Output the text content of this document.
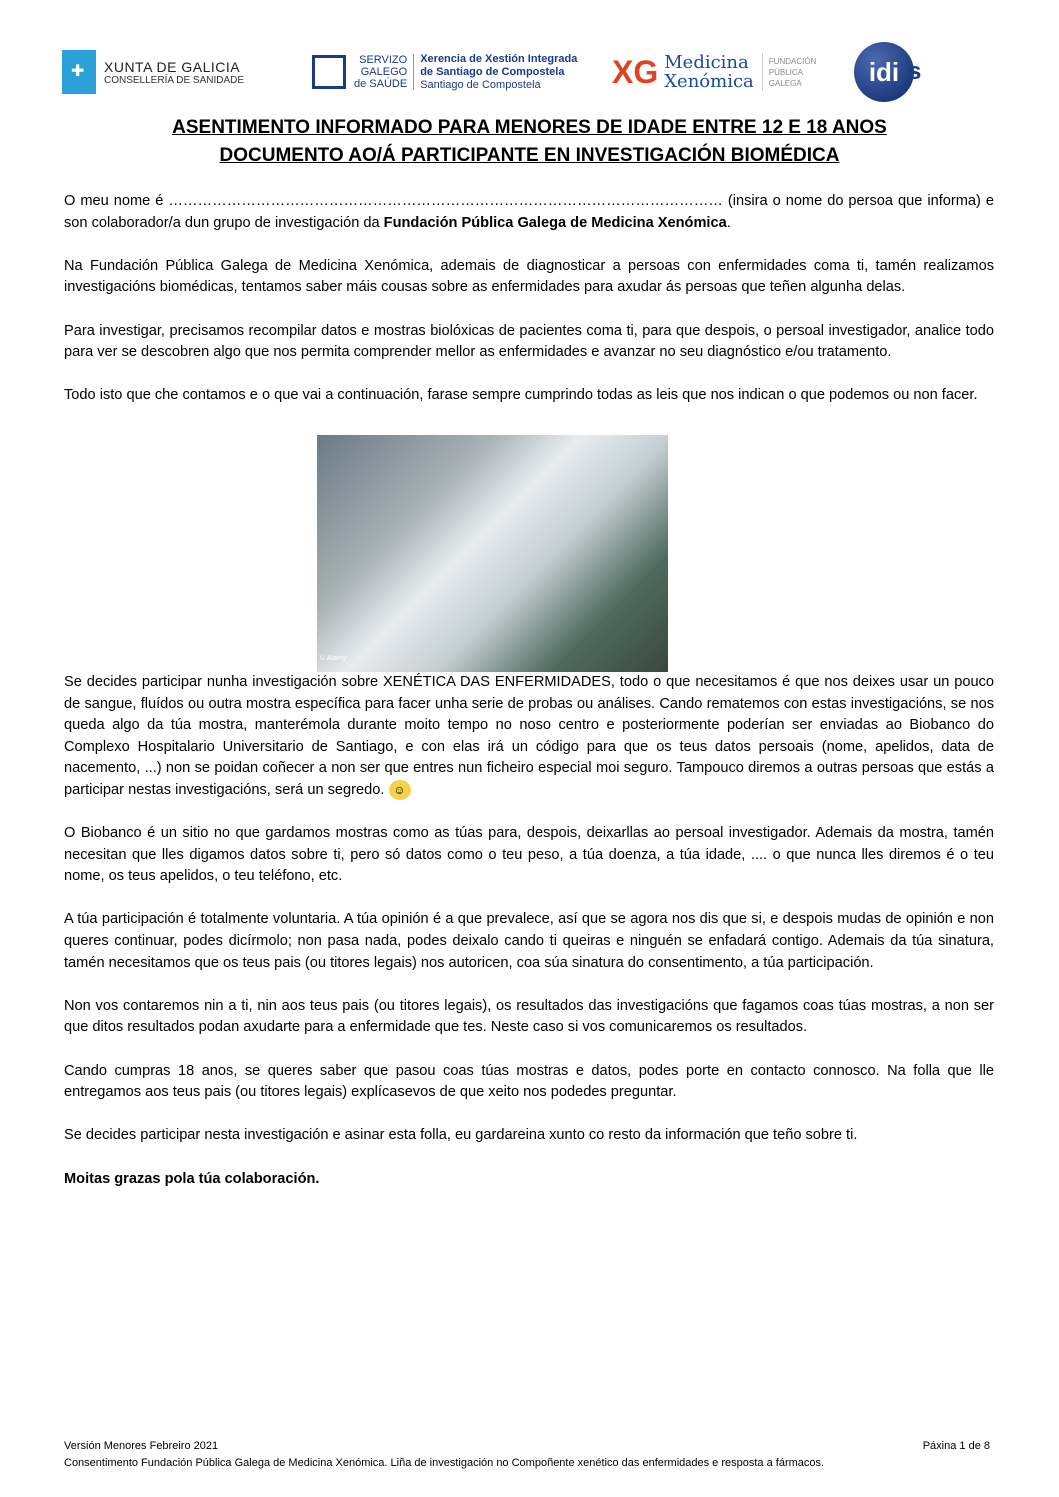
✚
XUNTA DE GALICIA
CONSELLERÍA DE SANIDADE
SERVIZO
GALEGO
de SAÚDE
Xerencia de Xestión Integrada
de Santiago de Compostela
Santiago de Compostela	XG Medicina
Xenómica
FUNDACIÓN
PÚBLICA
GALEGA	idi s
ASENTIMENTO INFORMADO PARA MENORES DE IDADE ENTRE 12 E 18 ANOS
DOCUMENTO AO/Á PARTICIPANTE EN INVESTIGACIÓN BIOMÉDICA

O meu nome é …………………………………………………………………………………………………… (insira o nome do persoa que informa) e son colaborador/a dun grupo de investigación da Fundación Pública Galega de Medicina Xenómica.

Na Fundación Pública Galega de Medicina Xenómica, ademais de diagnosticar a persoas con enfermidades coma ti, tamén realizamos investigacións biomédicas, tentamos saber máis cousas sobre as enfermidades para axudar ás persoas que teñen algunha delas.

Para investigar, precisamos recompilar datos e mostras biolóxicas de pacientes coma ti, para que despois, o persoal investigador, analice todo para ver se descobren algo que nos permita comprender mellor as enfermidades e avanzar no seu diagnóstico e/ou tratamento.

Todo isto que che contamos e o que vai a continuación, farase sempre cumprindo todas as leis que nos indican o que podemos ou non facer.

© Alamy

Se decides participar nunha investigación sobre XENÉTICA DAS ENFERMIDADES, todo o que necesitamos é que nos deixes usar un pouco de sangue, fluídos ou outra mostra específica para facer unha serie de probas ou análises. Cando rematemos con estas investigacións, se nos queda algo da túa mostra, manterémola durante moito tempo no noso centro e posteriormente poderían ser enviadas ao Biobanco do Complexo Hospitalario Universitario de Santiago, e con elas irá un código para que os teus datos persoais (nome, apelidos, data de nacemento, ...) non se poidan coñecer a non ser que entres nun ficheiro especial moi seguro. Tampouco diremos a outras persoas que estás a participar nestas investigacións, será un segredo. ☺

O Biobanco é un sitio no que gardamos mostras como as túas para, despois, deixarllas ao persoal investigador. Ademais da mostra, tamén necesitan que lles digamos datos sobre ti, pero só datos como o teu peso, a túa doenza, a túa idade, .... o que nunca lles diremos é o teu nome, os teus apelidos, o teu teléfono, etc.

A túa participación é totalmente voluntaria. A túa opinión é a que prevalece, así que se agora nos dis que si, e despois mudas de opinión e non queres continuar, podes dicírmolo; non pasa nada, podes deixalo cando ti queiras e ninguén se enfadará contigo. Ademais da túa sinatura, tamén necesitamos que os teus pais (ou titores legais) nos autoricen, coa súa sinatura do consentimento, a túa participación.

Non vos contaremos nin a ti, nin aos teus pais (ou titores legais), os resultados das investigacións que fagamos coas túas mostras, a non ser que ditos resultados podan axudarte para a enfermidade que tes. Neste caso si vos comunicaremos os resultados.

Cando cumpras 18 anos, se queres saber que pasou coas túas mostras e datos, podes porte en contacto connosco. Na folla que lle entregamos aos teus pais (ou titores legais) explícasevos de que xeito nos podedes preguntar.

Se decides participar nesta investigación e asinar esta folla, eu gardareina xunto co resto da información que teño sobre ti.

Moitas grazas pola túa colaboración.

Versión Menores Febreiro 2021	Páxina 1 de 8
Consentimento Fundación Pública Galega de Medicina Xenómica. Liña de investigación no Compoñente xenético das enfermidades e resposta a fármacos.
